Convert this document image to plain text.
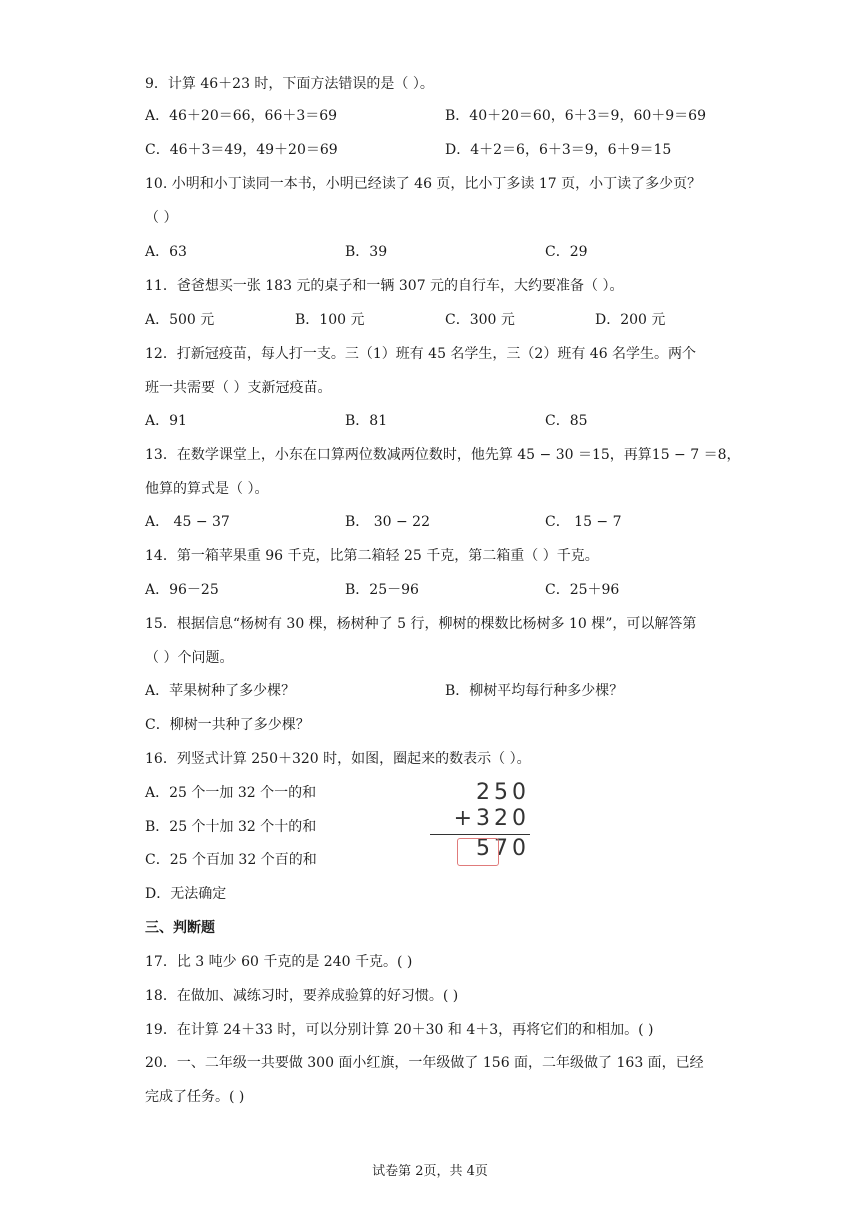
9．计算 46＋23 时，下面方法错误的是（ ）。
A．46＋20＝66，66＋3＝69	B．40＋20＝60，6＋3＝9，60＋9＝69
C．46＋3＝49，49＋20＝69	D．4＋2＝6，6＋3＝9，6＋9＝15
10. 小明和小丁读同一本书，小明已经读了 46 页，比小丁多读 17 页，小丁读了多少页？
（ ）
A．63	B．39	C．29
11．爸爸想买一张 183 元的桌子和一辆 307 元的自行车，大约要准备（ ）。
A．500 元	B．100 元	C．300 元	D．200 元
12．打新冠疫苗，每人打一支。三（1）班有 45 名学生，三（2）班有 46 名学生。两个
班一共需要（ ）支新冠疫苗。
A．91	B．81	C．85
13．在数学课堂上，小东在口算两位数减两位数时，他先算 45 − 30 ＝15，再算15 − 7 ＝8，
他算的算式是（ ）。
A． 45 − 37	B． 30 − 22	C． 15 − 7
14．第一箱苹果重 96 千克，比第二箱轻 25 千克，第二箱重（ ）千克。
A．96－25	B．25－96	C．25＋96
15．根据信息“杨树有 30 棵，杨树种了 5 行，柳树的棵数比杨树多 10 棵”，可以解答第
（ ）个问题。
A．苹果树种了多少棵？	B．柳树平均每行种多少棵？
C．柳树一共种了多少棵？
16．列竖式计算 250＋320 时，如图，圈起来的数表示（ ）。
A．25 个一加 32 个一的和
B．25 个十加 32 个十的和
C．25 个百加 32 个百的和
D．无法确定
250
+320
570
三、判断题
17．比 3 吨少 60 千克的是 240 千克。( )
18．在做加、减练习时，要养成验算的好习惯。( )
19．在计算 24＋33 时，可以分别计算 20＋30 和 4＋3，再将它们的和相加。( )
20．一、二年级一共要做 300 面小红旗，一年级做了 156 面，二年级做了 163 面，已经
完成了任务。( )
试卷第 2页，共 4页
